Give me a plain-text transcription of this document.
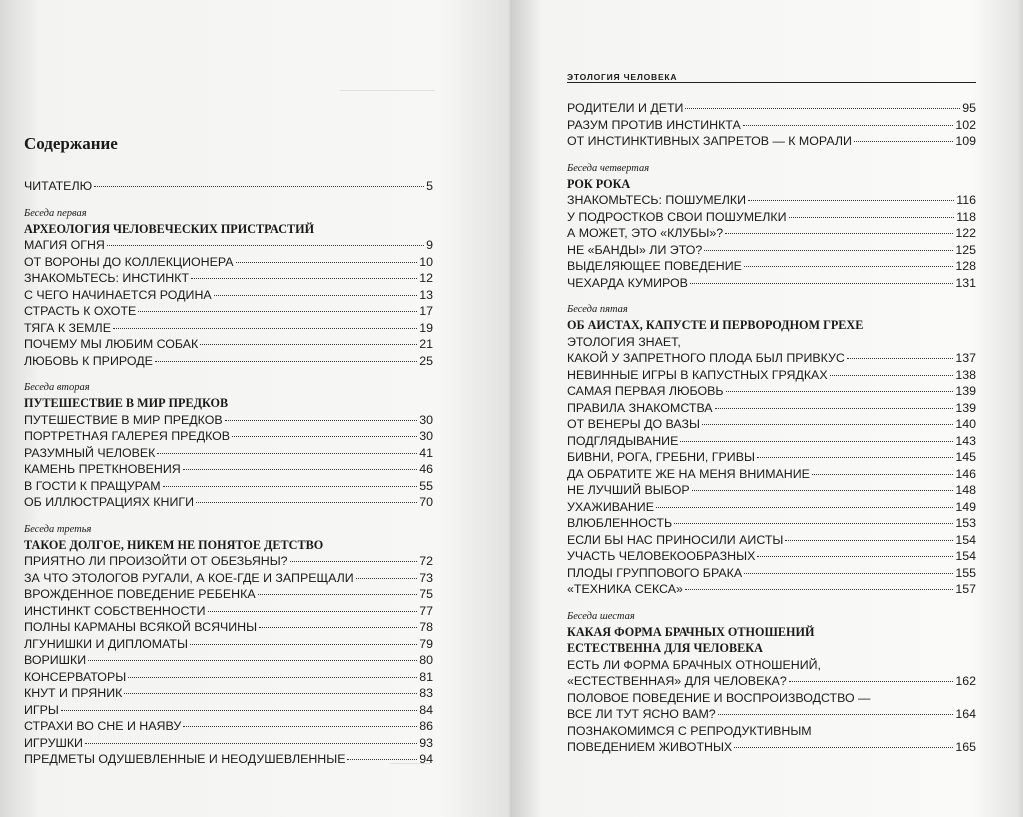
ЭТОЛОГИЯ ЧЕЛОВЕКА
Содержание
ЧИТАТЕЛЮ	5
Беседа первая
АРХЕОЛОГИЯ ЧЕЛОВЕЧЕСКИХ ПРИСТРАСТИЙ
МАГИЯ ОГНЯ	9
ОТ ВОРОНЫ ДО КОЛЛЕКЦИОНЕРА	10
ЗНАКОМЬТЕСЬ: ИНСТИНКТ	12
С ЧЕГО НАЧИНАЕТСЯ РОДИНА	13
СТРАСТЬ К ОХОТЕ	17
ТЯГА К ЗЕМЛЕ	19
ПОЧЕМУ МЫ ЛЮБИМ СОБАК	21
ЛЮБОВЬ К ПРИРОДЕ	25
Беседа вторая
ПУТЕШЕСТВИЕ В МИР ПРЕДКОВ
ПУТЕШЕСТВИЕ В МИР ПРЕДКОВ	30
ПОРТРЕТНАЯ ГАЛЕРЕЯ ПРЕДКОВ	30
РАЗУМНЫЙ ЧЕЛОВЕК	41
КАМЕНЬ ПРЕТКНОВЕНИЯ	46
В ГОСТИ К ПРАЩУРАМ	55
ОБ ИЛЛЮСТРАЦИЯХ КНИГИ	70
Беседа третья
ТАКОЕ ДОЛГОЕ, НИКЕМ НЕ ПОНЯТОЕ ДЕТСТВО
ПРИЯТНО ЛИ ПРОИЗОЙТИ ОТ ОБЕЗЬЯНЫ?	72
ЗА ЧТО ЭТОЛОГОВ РУГАЛИ, А КОЕ-ГДЕ И ЗАПРЕЩАЛИ	73
ВРОЖДЕННОЕ ПОВЕДЕНИЕ РЕБЕНКА	75
ИНСТИНКТ СОБСТВЕННОСТИ	77
ПОЛНЫ КАРМАНЫ ВСЯКОЙ ВСЯЧИНЫ	78
ЛГУНИШКИ И ДИПЛОМАТЫ	79
ВОРИШКИ	80
КОНСЕРВАТОРЫ	81
КНУТ И ПРЯНИК	83
ИГРЫ	84
СТРАХИ ВО СНЕ И НАЯВУ	86
ИГРУШКИ	93
ПРЕДМЕТЫ ОДУШЕВЛЕННЫЕ И НЕОДУШЕВЛЕННЫЕ	94
РОДИТЕЛИ И ДЕТИ	95
РАЗУМ ПРОТИВ ИНСТИНКТА	102
ОТ ИНСТИНКТИВНЫХ ЗАПРЕТОВ — К МОРАЛИ	109
Беседа четвертая
РОК РОКА
ЗНАКОМЬТЕСЬ: ПОШУМЕЛКИ	116
У ПОДРОСТКОВ СВОИ ПОШУМЕЛКИ	118
А МОЖЕТ, ЭТО «КЛУБЫ»?	122
НЕ «БАНДЫ» ЛИ ЭТО?	125
ВЫДЕЛЯЮЩЕЕ ПОВЕДЕНИЕ	128
ЧЕХАРДА КУМИРОВ	131
Беседа пятая
ОБ АИСТАХ, КАПУСТЕ И ПЕРВОРОДНОМ ГРЕХЕ
ЭТОЛОГИЯ ЗНАЕТ,
КАКОЙ У ЗАПРЕТНОГО ПЛОДА БЫЛ ПРИВКУС	137
НЕВИННЫЕ ИГРЫ В КАПУСТНЫХ ГРЯДКАХ	138
САМАЯ ПЕРВАЯ ЛЮБОВЬ	139
ПРАВИЛА ЗНАКОМСТВА	139
ОТ ВЕНЕРЫ ДО ВАЗЫ	140
ПОДГЛЯДЫВАНИЕ	143
БИВНИ, РОГА, ГРЕБНИ, ГРИВЫ	145
ДА ОБРАТИТЕ ЖЕ НА МЕНЯ ВНИМАНИЕ	146
НЕ ЛУЧШИЙ ВЫБОР	148
УХАЖИВАНИЕ	149
ВЛЮБЛЕННОСТЬ	153
ЕСЛИ БЫ НАС ПРИНОСИЛИ АИСТЫ	154
УЧАСТЬ ЧЕЛОВЕКООБРАЗНЫХ	154
ПЛОДЫ ГРУППОВОГО БРАКА	155
«ТЕХНИКА СЕКСА»	157
Беседа шестая
КАКАЯ ФОРМА БРАЧНЫХ ОТНОШЕНИЙ
ЕСТЕСТВЕННА ДЛЯ ЧЕЛОВЕКА
ЕСТЬ ЛИ ФОРМА БРАЧНЫХ ОТНОШЕНИЙ,
«ЕСТЕСТВЕННАЯ» ДЛЯ ЧЕЛОВЕКА?	162
ПОЛОВОЕ ПОВЕДЕНИЕ И ВОСПРОИЗВОДСТВО —
ВСЕ ЛИ ТУТ ЯСНО ВАМ?	164
ПОЗНАКОМИМСЯ С РЕПРОДУКТИВНЫМ
ПОВЕДЕНИЕМ ЖИВОТНЫХ	165
